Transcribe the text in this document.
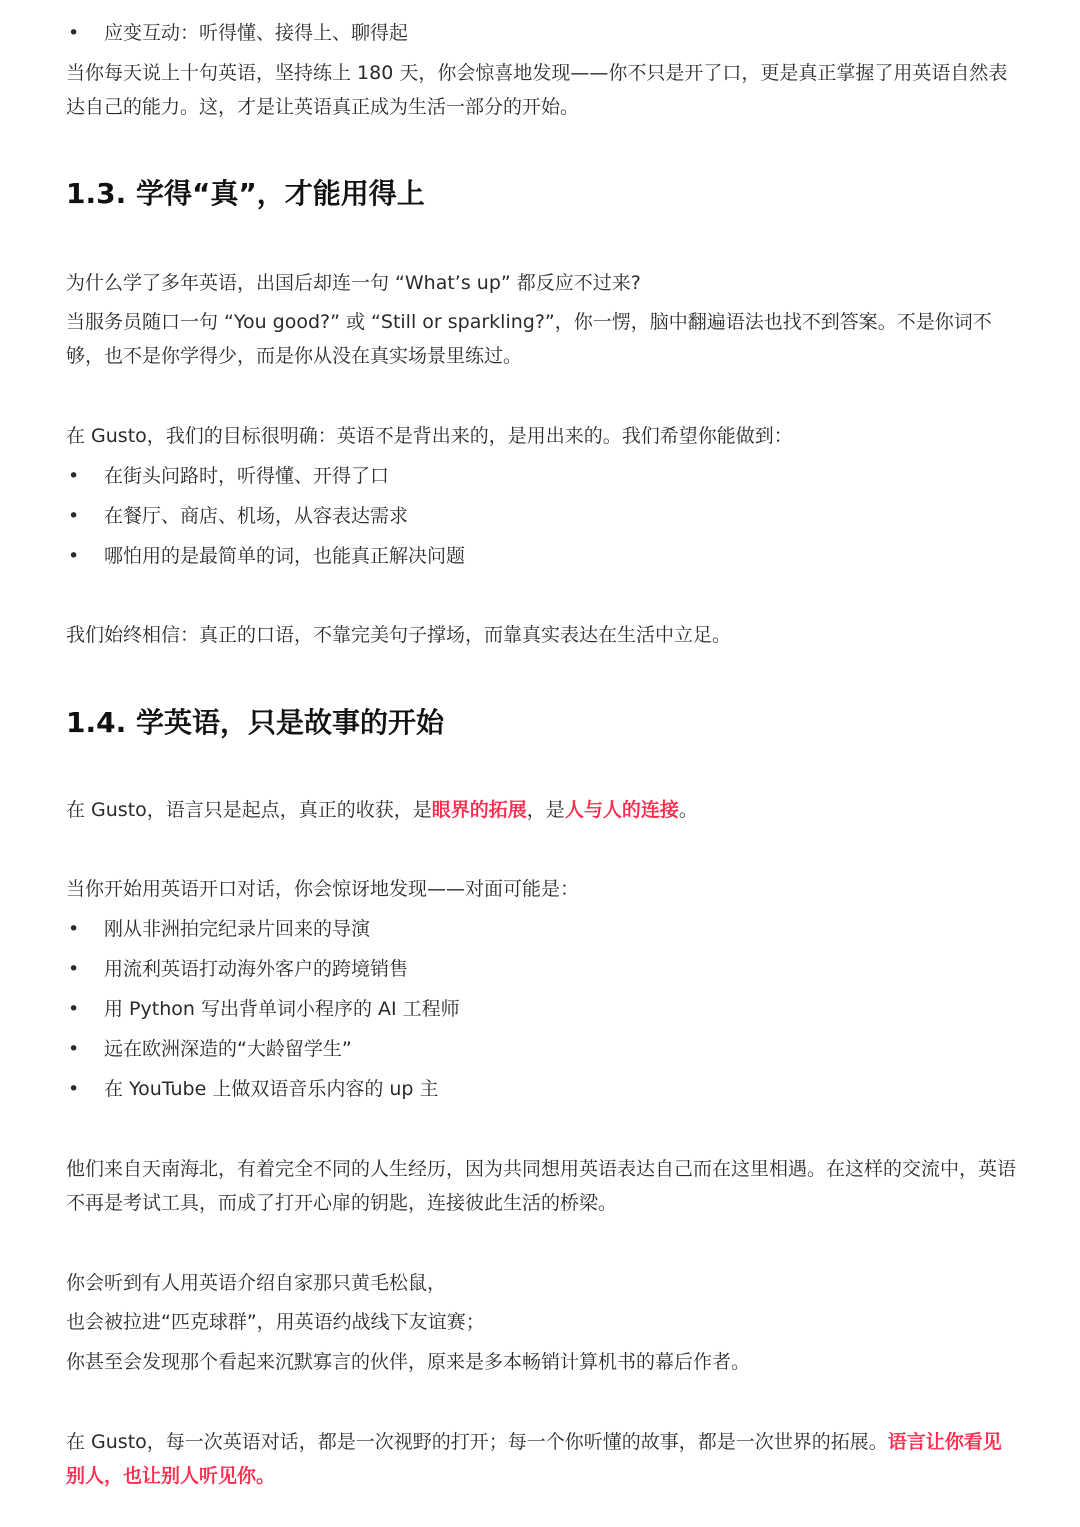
• 应变互动：听得懂、接得上、聊得起

当你每天说上十句英语，坚持练上 180 天，你会惊喜地发现——你不只是开了口，更是真正掌握了用英语自然表达自己的能力。这，才是让英语真正成为生活一部分的开始。

1.3. 学得“真”，才能用得上

为什么学了多年英语，出国后却连一句 “What’s up” 都反应不过来?

当服务员随口一句 “You good?” 或 “Still or sparkling?”，你一愣，脑中翻遍语法也找不到答案。不是你词不够，也不是你学得少，而是你从没在真实场景里练过。

在 Gusto，我们的目标很明确：英语不是背出来的，是用出来的。我们希望你能做到：

• 在街头问路时，听得懂、开得了口
• 在餐厅、商店、机场，从容表达需求
• 哪怕用的是最简单的词，也能真正解决问题

我们始终相信：真正的口语，不靠完美句子撑场，而靠真实表达在生活中立足。

1.4. 学英语，只是故事的开始

在 Gusto，语言只是起点，真正的收获，是眼界的拓展，是人与人的连接。

当你开始用英语开口对话，你会惊讶地发现——对面可能是：

• 刚从非洲拍完纪录片回来的导演
• 用流利英语打动海外客户的跨境销售
• 用 Python 写出背单词小程序的 AI 工程师
• 远在欧洲深造的“大龄留学生”
• 在 YouTube 上做双语音乐内容的 up 主

他们来自天南海北，有着完全不同的人生经历，因为共同想用英语表达自己而在这里相遇。在这样的交流中，英语不再是考试工具，而成了打开心扉的钥匙，连接彼此生活的桥梁。

你会听到有人用英语介绍自家那只黄毛松鼠，

也会被拉进“匹克球群”，用英语约战线下友谊赛；

你甚至会发现那个看起来沉默寡言的伙伴，原来是多本畅销计算机书的幕后作者。

在 Gusto，每一次英语对话，都是一次视野的打开；每一个你听懂的故事，都是一次世界的拓展。语言让你看见别人，也让别人听见你。
